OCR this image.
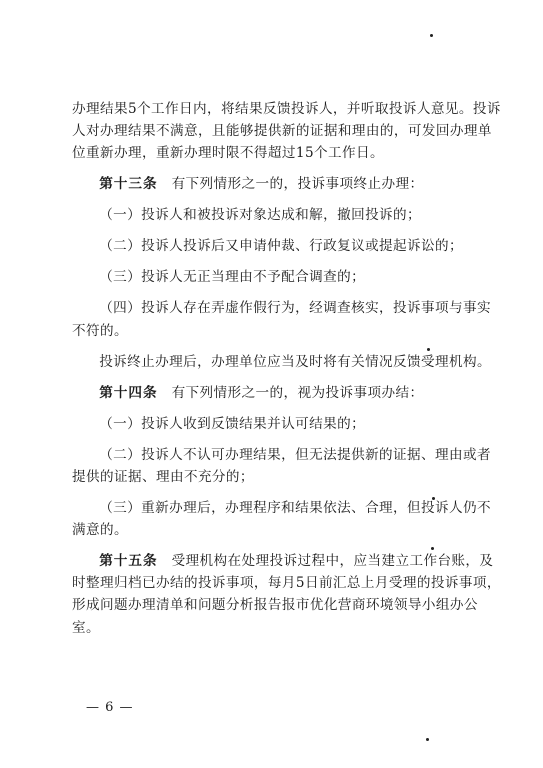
办理结果5个工作日内，将结果反馈投诉人，并听取投诉人意见。投诉人对办理结果不满意，且能够提供新的证据和理由的，可发回办理单位重新办理，重新办理时限不得超过15个工作日。

第十三条　 有下列情形之一的，投诉事项终止办理：

（一）投诉人和被投诉对象达成和解，撤回投诉的；

（二）投诉人投诉后又申请仲裁、行政复议或提起诉讼的；

（三）投诉人无正当理由不予配合调查的；

（四）投诉人存在弄虚作假行为，经调查核实，投诉事项与事实不符的。

投诉终止办理后，办理单位应当及时将有关情况反馈受理机构。

第十四条　 有下列情形之一的，视为投诉事项办结：

（一）投诉人收到反馈结果并认可结果的；

（二）投诉人不认可办理结果，但无法提供新的证据、理由或者提供的证据、理由不充分的；

（三）重新办理后，办理程序和结果依法、合理，但投诉人仍不满意的。

第十五条　 受理机构在处理投诉过程中，应当建立工作台账，及时整理归档已办结的投诉事项，每月5日前汇总上月受理的投诉事项，形成问题办理清单和问题分析报告报市优化营商环境领导小组办公室。

— 6 —
